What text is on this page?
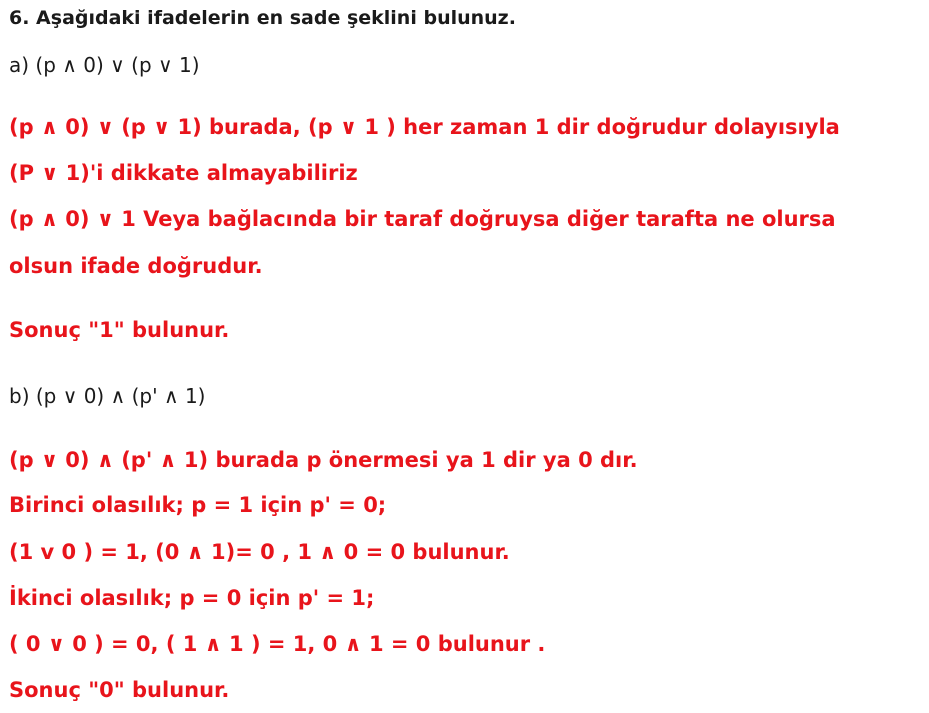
6. Aşağıdaki ifadelerin en sade şeklini bulunuz.
a) (p ∧ 0) ∨ (p ∨ 1)
(p ∧ 0) ∨ (p ∨ 1) burada, (p ∨ 1 ) her zaman 1 dir doğrudur dolayısıyla
(P ∨ 1)'i dikkate almayabiliriz
(p ∧ 0) ∨ 1 Veya bağlacında bir taraf doğruysa diğer tarafta ne olursa
olsun ifade doğrudur.
Sonuç "1" bulunur.
b) (p ∨ 0) ∧ (p' ∧ 1)
(p ∨ 0) ∧ (p' ∧ 1) burada p önermesi ya 1 dir ya 0 dır.
Birinci olasılık; p = 1 için p' = 0;
(1 v 0 ) = 1, (0 ∧ 1)= 0 , 1 ∧ 0 = 0 bulunur.
İkinci olasılık; p = 0 için p' = 1;
( 0 ∨ 0 ) = 0, ( 1 ∧ 1 ) = 1, 0 ∧ 1 = 0 bulunur .
Sonuç "0" bulunur.
